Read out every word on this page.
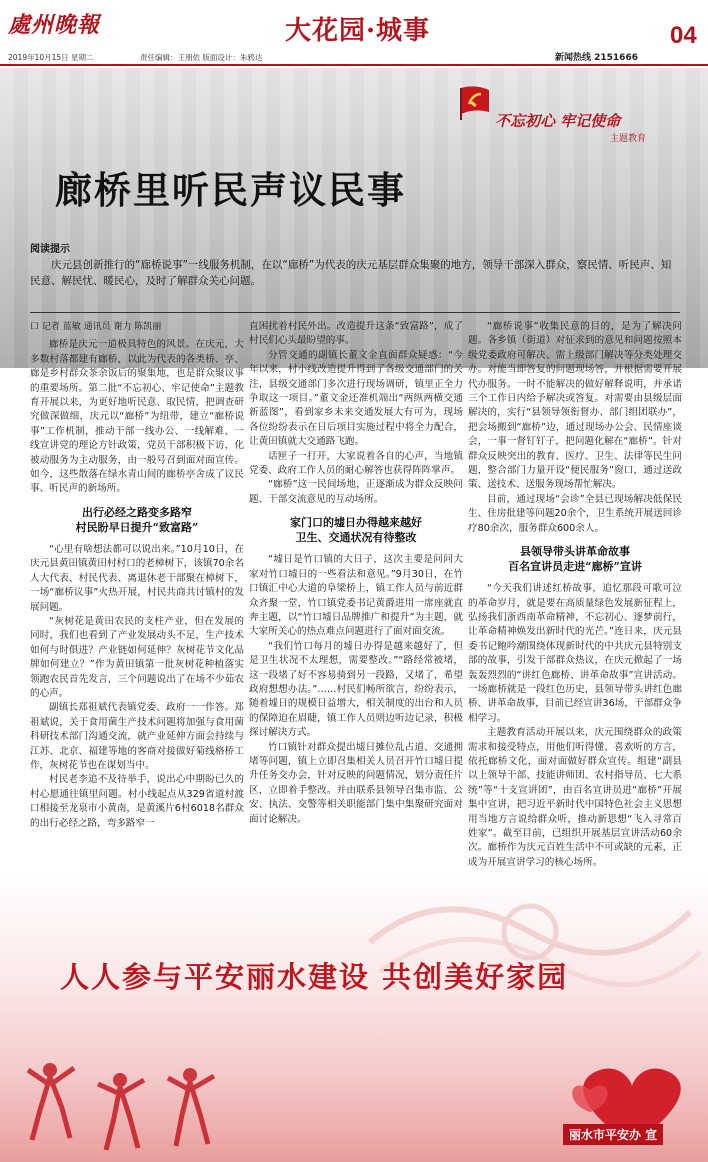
處州晚報	大花园·城事	04
2019年10月15日 星期二	责任编辑：王朋依 版面设计：朱鸦达	新闻热线 2151666
不忘初心 牢记使命
主题教育
廊桥里听民声议民事
阅读提示
庆元县创新推行的“廊桥说事”一线服务机制，在以“廊桥”为代表的庆元基层群众集聚的地方，领导干部深入群众，察民情、听民声、知民意、解民忧、暖民心，及时了解群众关心问题。
口 记者 蓝敏 通讯员 谢力 陈凯丽

廊桥是庆元一道极具特色的风景。在庆元，大多数村落都建有廊桥，以此为代表的各类桥、亭、廊是乡村群众茶余饭后的聚集地，也是群众聚议事的重要场所。第二批“不忘初心、牢记使命”主题教育开展以来，为更好地听民意、取民情，把调查研究做深做细，庆元以“廊桥”为纽带，建立“廊桥说事”工作机制，推动干部一线办公、一线解难、一线宣讲党的理论方针政策，党员干部积极下访，化被动服务为主动服务，由一般号召到面对面宣传。如今，这些散落在绿水青山间的廊桥亭舍成了议民事、听民声的新场所。

出行必经之路变多路窄
村民盼早日提升“致富路”

“心里有啥想法都可以说出来。”10月10日，在庆元县黄田镇黄田村村口的老樟树下，该镇70余名人大代表、村民代表、离退休老干部聚在樟树下，一场“廊桥议事”火热开展，村民共商共讨镇村的发展问题。

“灰树花是黄田农民的支柱产业，但在发展的同时，我们也看到了产业发展动头不足，生产技术如何与时俱进？产业链如何延伸？灰树花节文化品牌如何建立？”作为黄田镇第一批灰树花种植落实领跑农民首先发言，三个问题说出了在场不少茹农的心声。

副镇长郑祖斌代表镇党委、政府一一作答。郑祖斌说，关于食用菌生产技术问题将加强与食用菌科研技术部门沟通交流，就产业延伸方面会持续与江苏、北京、福建等地的客商对接做好菊线格桥工作，灰树花节也在谋划当中。

村民老李追不及待举手，说出心中期盼已久的村心愿通往镇里问题。村小线起点从329省道村渡口相接至龙泉市小黄南，是黄溪片6村6018名群众的出行必经之路，弯多路窄一

直困扰着村民外出。改造提升这条“致富路”，成了村民们心头最盼望的事。

分管交通的副镇长董文金直面群众疑惑：“今年以来，村小线改造提升得到了各级交通部门的关注，县级交通部门多次进行现场调研，镇里正全力争取这一项目。”董文金还准机端出“两纵两横交通新蓝图”，看到家乡未来交通发展大有可为，现场各位纷纷表示在日后项目实施过程中将全力配合，让黄田镇就大交通路飞跑。

话匣子一打开，大家说着各自的心声，当地镇党委、政府工作人员的耐心解答也获得阵阵掌声。

“廊桥”这一民间场地，正逐渐成为群众反映问题、干部交流意见的互动场所。

家门口的墟日办得越来越好
卫生、交通状况有待整改

“墟日是竹口镇的大日子，这次主要是问问大家对竹口墟日的一些看法和意见。”9月30日，在竹口镇汇中心大道的阜梁桥上，镇工作人员与前近群众齐聚一堂，竹口镇党委书记黄爵进用一席座就直奔主题，以“竹口墟日品牌推广和提升”为主题，就大家所关心的热点难点问题进行了面对面交流。

“我们竹口每月的墟日办得是越来越好了，但是卫生状况不太理想，需要整改。”“路经常被堵，这一段堵了好不容易骑到另一段路，又堵了，希望政府想想办法。”……村民们畅所欲言，纷纷表示，随着墟日的规模日益增大，相关制度的出台和人员的保障迫在眉睫，镇工作人员则边听边记录，积极探讨解决方式。

竹口镇针对群众提出墟日摊位乱占道、交通拥堵等问题，镇上立即召集相关人员召开竹口墟日提升任务交办会，针对反映的问题情况，划分责任片区，立即着手整改。并由联系县领导召集市监、公安、执法、交警等相关职能部门集中集聚研究面对面讨论解决。

“廊桥说事”收集民意的目的，是为了解决问题。各乡镇（街道）对征求到的意见和问题按照本级党委政府可解决、需上级部门解决等分类处理交办。对能当即答复的问题现场答，并根据需要开展代办服务。一时不能解决的做好解释说明，并承诺三个工作日内给予解决或答复。对需要由县级层面解决的，实行“县领导领衔督办、部门组团联办”，把会场搬到“廊桥”边，通过现场办公会、民情座谈会，一事一督钉钉子，把问题化解在“廊桥”。针对群众反映突出的教育、医疗、卫生、法律等民生问题，整合部门力量开设“便民服务”窗口，通过送政策、送技术、送服务现场帮忙解决。

目前，通过现场“会诊”全县已现场解决低保民生、住房批建等问题20余个，卫生系统开展送回诊疗80余次，服务群众600余人。

县领导带头讲革命故事
百名宣讲员走进“廊桥”宣讲

“今天我们讲述红桥故事，追忆那段可歌可泣的革命岁月，就是要在高质量绿色发展新征程上，弘扬我们浙西南革命精神，不忘初心、逐梦前行，让革命精神焕发出新时代的光芒。”连日来，庆元县委书记鲍吟潮围绕体现新时代的中共庆元县特别支部的故事，引发干部群众热议，在庆元掀起了一场轰轰烈烈的“讲红色廊桥、讲革命故事”宣讲活动。一场廊桥就是一段红色历史，县领导带头讲红色廊桥、讲革命故事，目前已经宣讲36场，干部群众争相学习。

主题教育活动开展以来，庆元围绕群众的政策需求和接受特点，用他们听得懂、喜欢听的方言，依托廊桥文化，面对面做好群众宣传。组建“副县以上领导干部、技能讲师团、农村指导员、七大系统”等“十支宣讲团”，由百名宣讲员进“廊桥”开展集中宣讲，把习近平新时代中国特色社会主义思想用当地方言说给群众听，推动新思想“飞入寻常百姓家”。截至目前，已组织开展基层宣讲活动60余次。廊桥作为庆元百姓生活中不可或缺的元素，正成为开展宣讲学习的核心场所。

人人参与平安丽水建设 共创美好家园
丽水市平安办 宣
